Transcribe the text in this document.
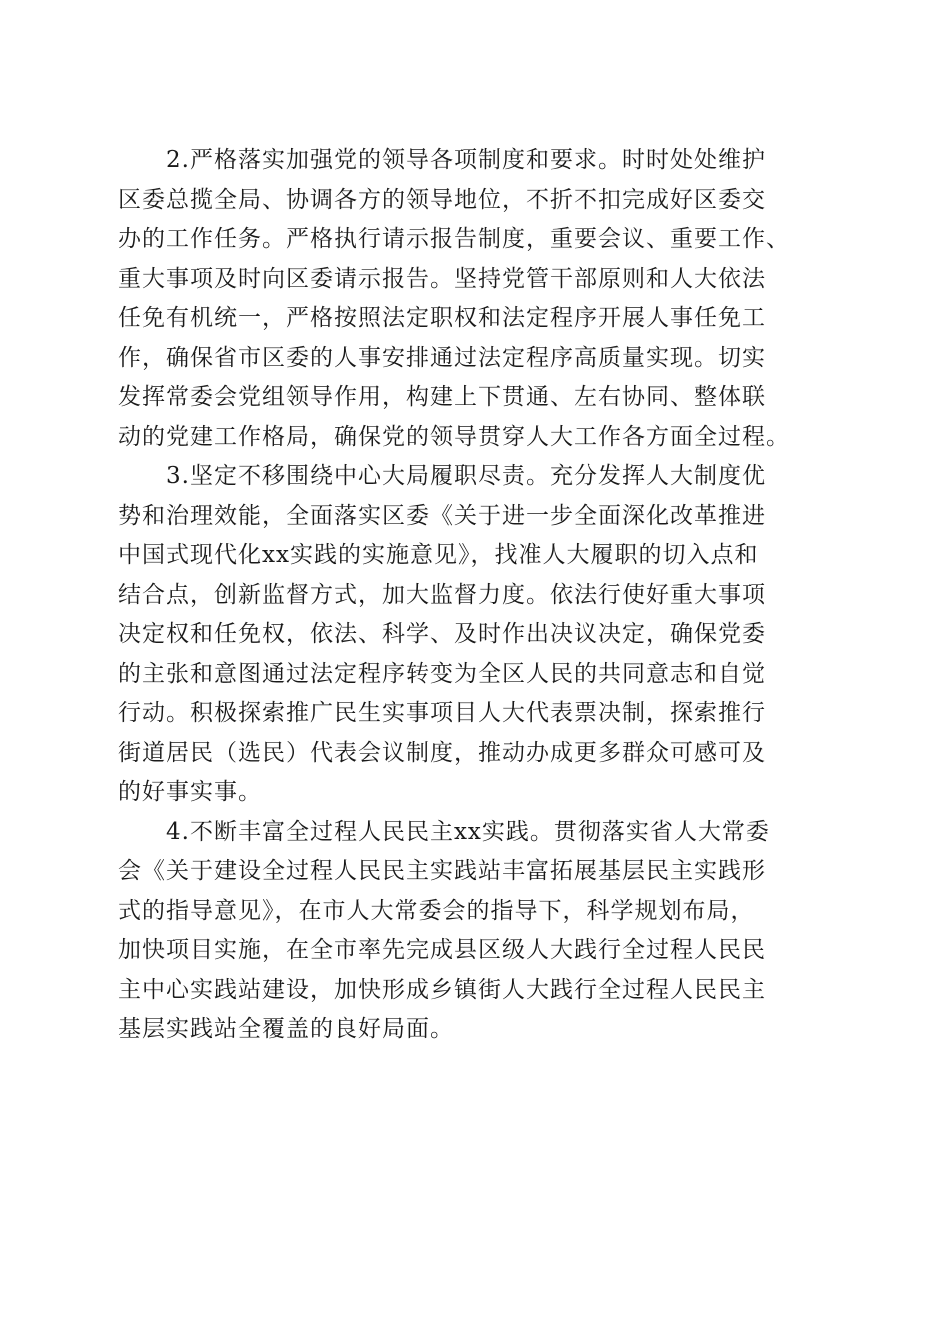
2.严格落实加强党的领导各项制度和要求。时时处处维护
区委总揽全局、协调各方的领导地位，不折不扣完成好区委交
办的工作任务。严格执行请示报告制度，重要会议、重要工作、
重大事项及时向区委请示报告。坚持党管干部原则和人大依法
任免有机统一，严格按照法定职权和法定程序开展人事任免工
作，确保省市区委的人事安排通过法定程序高质量实现。切实
发挥常委会党组领导作用，构建上下贯通、左右协同、整体联
动的党建工作格局，确保党的领导贯穿人大工作各方面全过程。
3.坚定不移围绕中心大局履职尽责。充分发挥人大制度优
势和治理效能，全面落实区委《关于进一步全面深化改革推进
中国式现代化xx实践的实施意见》，找准人大履职的切入点和
结合点，创新监督方式，加大监督力度。依法行使好重大事项
决定权和任免权，依法、科学、及时作出决议决定，确保党委
的主张和意图通过法定程序转变为全区人民的共同意志和自觉
行动。积极探索推广民生实事项目人大代表票决制，探索推行
街道居民（选民）代表会议制度，推动办成更多群众可感可及
的好事实事。
4.不断丰富全过程人民民主xx实践。贯彻落实省人大常委
会《关于建设全过程人民民主实践站丰富拓展基层民主实践形
式的指导意见》，在市人大常委会的指导下，科学规划布局，
加快项目实施，在全市率先完成县区级人大践行全过程人民民
主中心实践站建设，加快形成乡镇街人大践行全过程人民民主
基层实践站全覆盖的良好局面。
